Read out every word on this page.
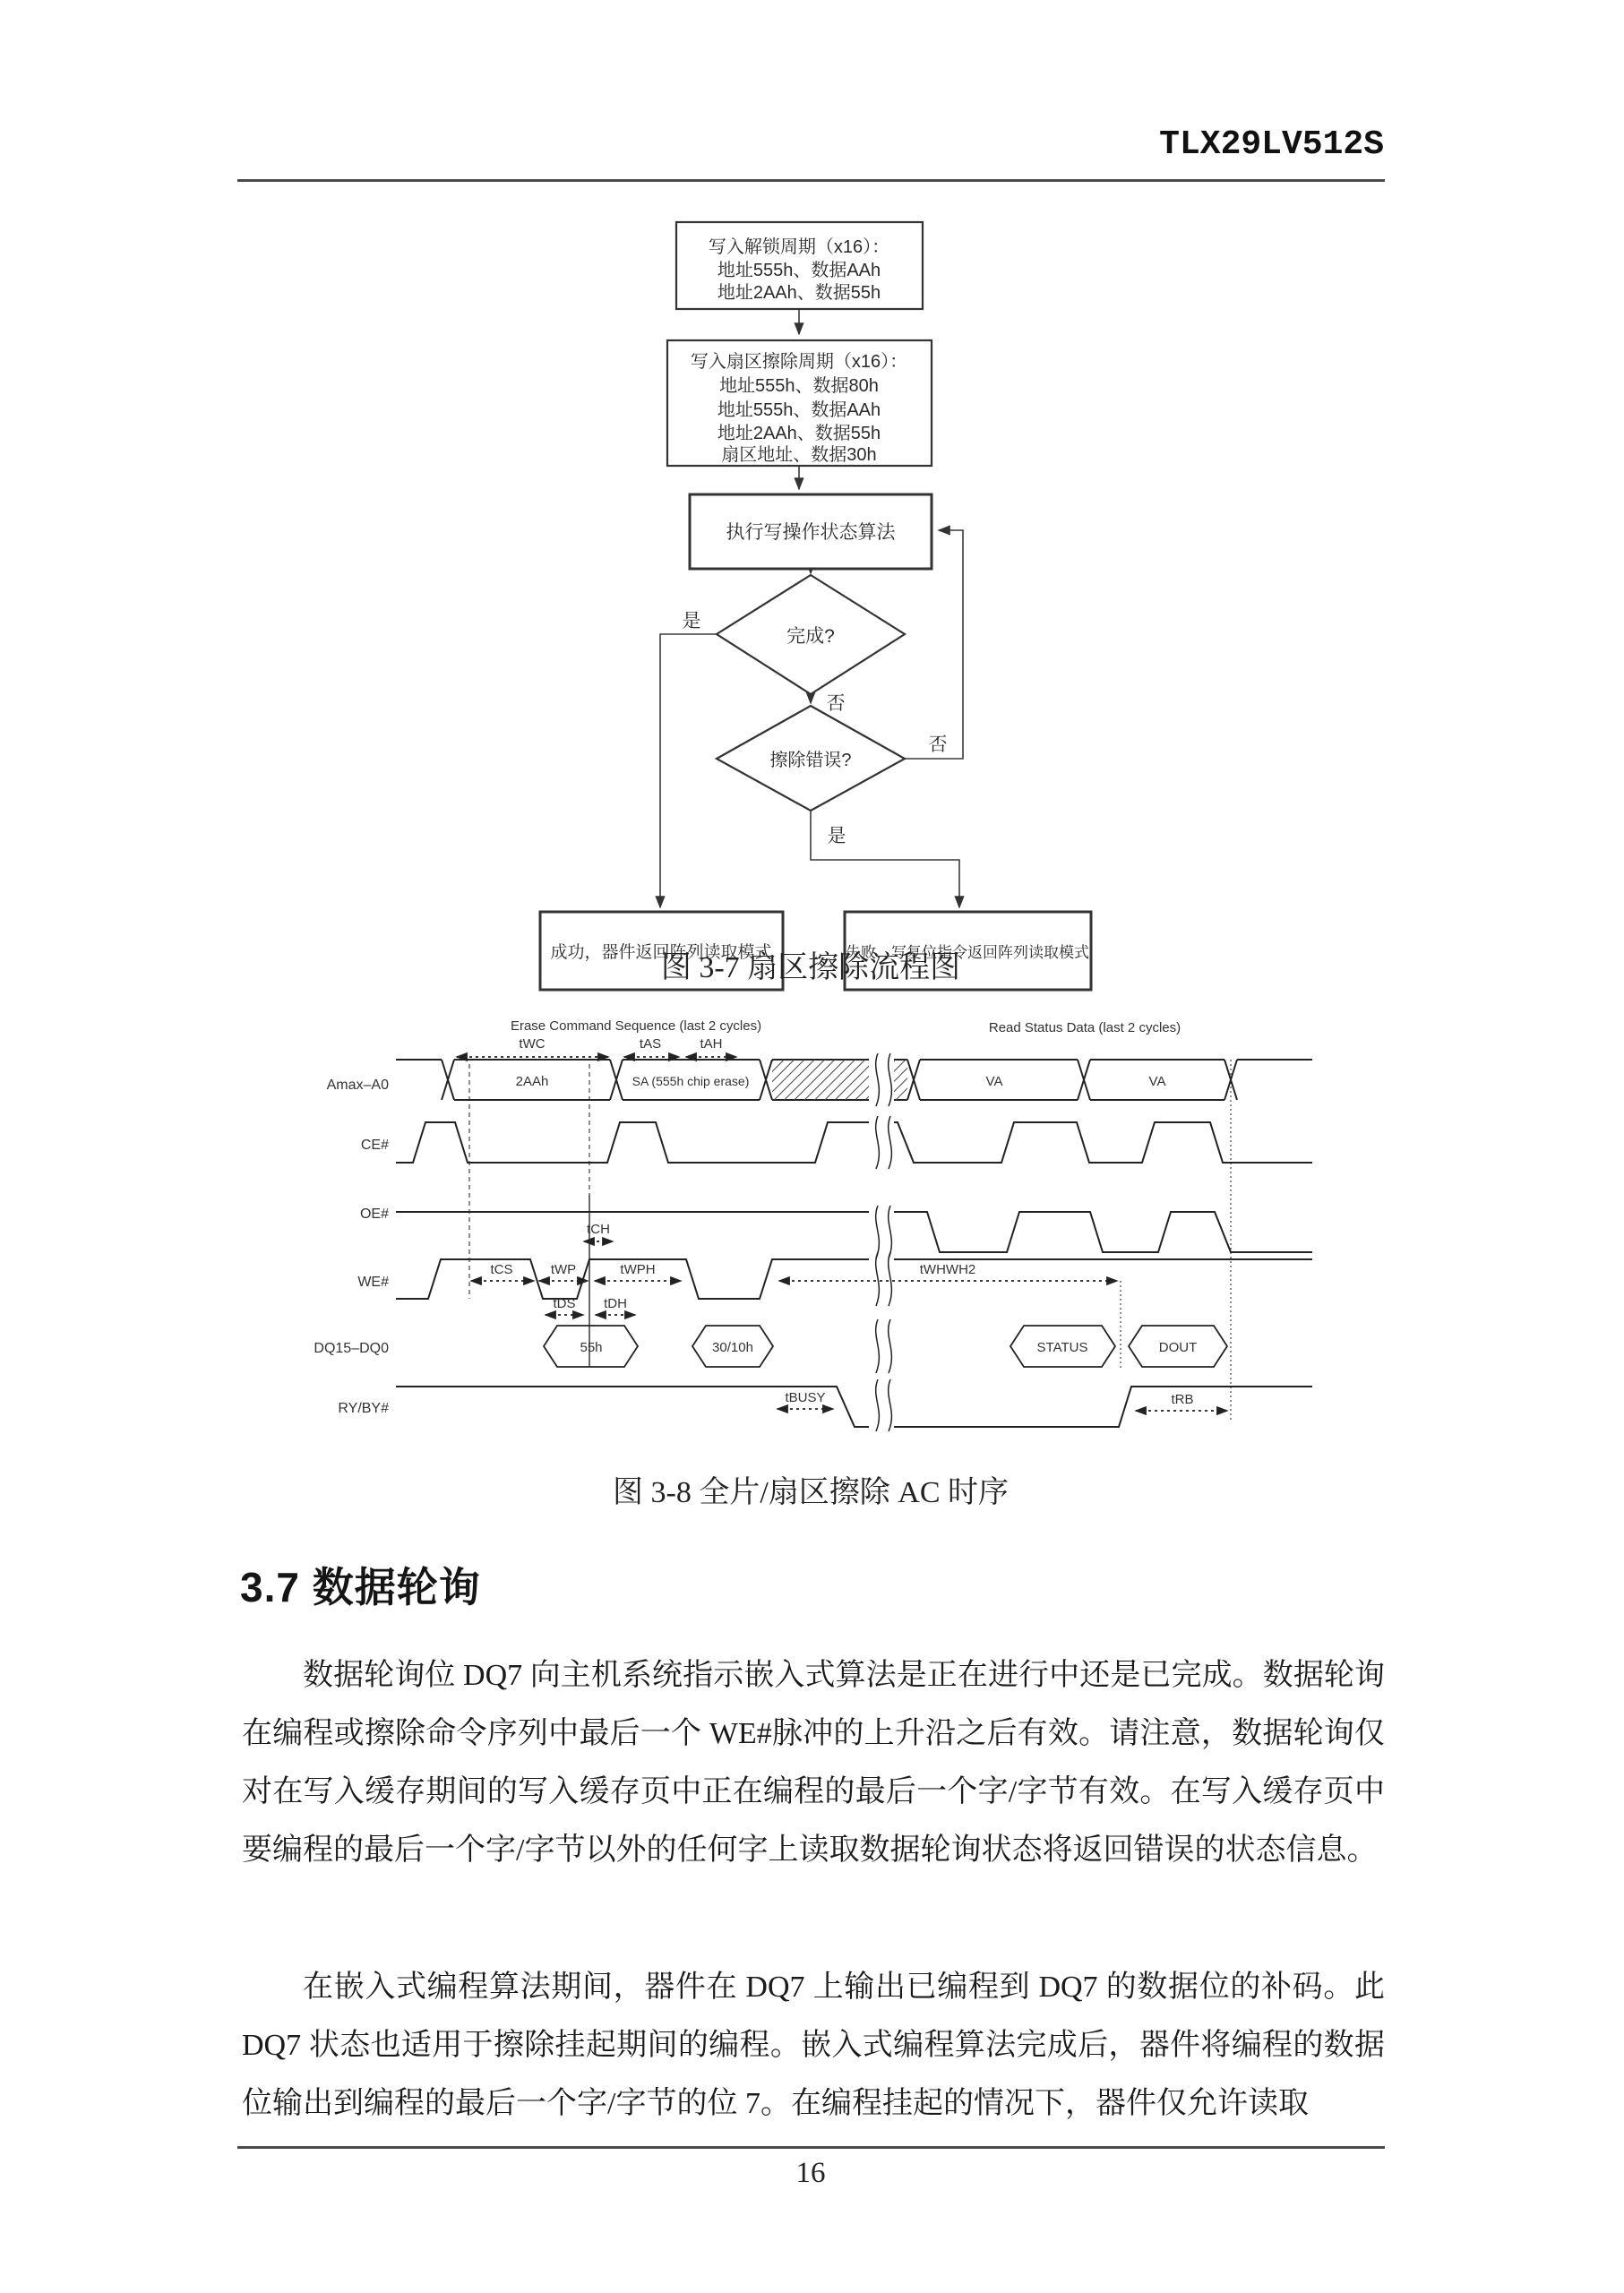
TLX29LV512S
写入解锁周期（x16）：
地址555h、数据AAh
地址2AAh、数据55h
写入扇区擦除周期（x16）：
地址555h、数据80h
地址555h、数据AAh
地址2AAh、数据55h
扇区地址、数据30h
执行写操作状态算法
完成?
是
否
擦除错误?
否
是
成功，器件返回阵列读取模式	失败，写复位指令返回阵列读取模式
图 3-7 扇区擦除流程图
Erase Command Sequence (last 2 cycles)	Read Status Data (last 2 cycles)
Amax–A0
CE#
OE#
WE#
DQ15–DQ0
RY/BY#
2AAh	SA (555h chip erase)	VA	VA
55h	30/10h	STATUS	DOUT
tWC	tAS	tAH
tCH
tCS	tWP	tWPH	tWHWH2
tDS tDH
tBUSY	tRB
图 3-8 全片/扇区擦除 AC 时序
3.7 数据轮询
数据轮询位 DQ7 向主机系统指示嵌入式算法是正在进行中还是已完成。数据轮询在编程或擦除命令序列中最后一个 WE#脉冲的上升沿之后有效。请注意，数据轮询仅对在写入缓存期间的写入缓存页中正在编程的最后一个字/字节有效。在写入缓存页中要编程的最后一个字/字节以外的任何字上读取数据轮询状态将返回错误的状态信息。
在嵌入式编程算法期间，器件在 DQ7 上输出已编程到 DQ7 的数据位的补码。此 DQ7 状态也适用于擦除挂起期间的编程。嵌入式编程算法完成后，器件将编程的数据位输出到编程的最后一个字/字节的位 7。在编程挂起的情况下，器件仅允许读取
16
